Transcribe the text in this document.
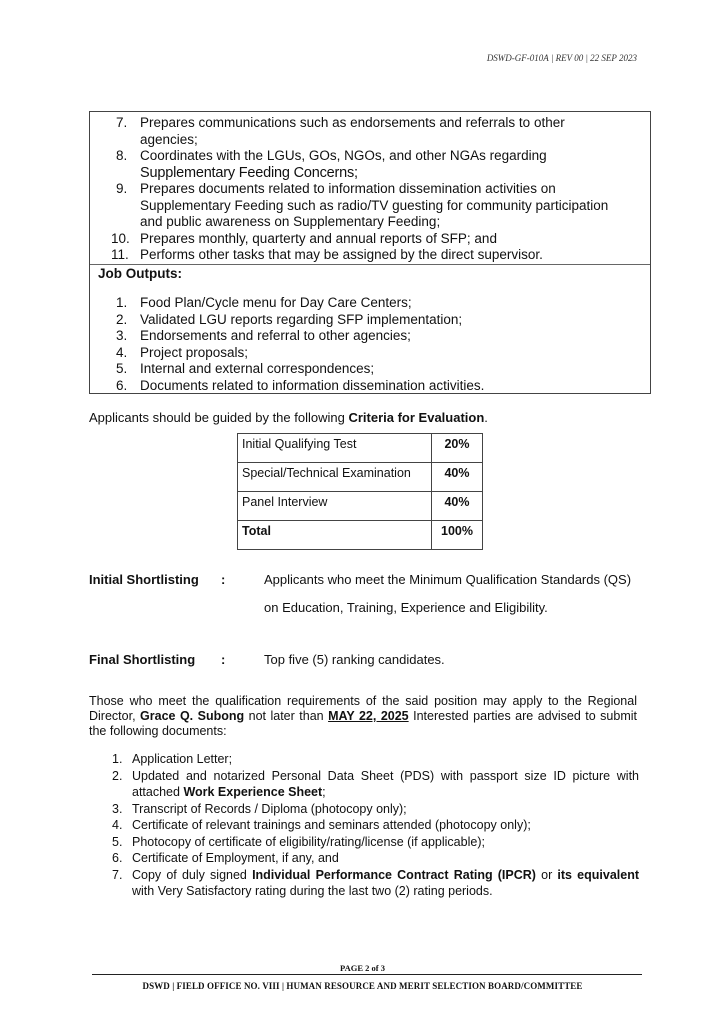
DSWD-GF-010A | REV 00 | 22 SEP 2023
7. Prepares communications such as endorsements and referrals to other agencies;
8. Coordinates with the LGUs, GOs, NGOs, and other NGAs regarding
Supplementary Feeding Concerns;
9. Prepares documents related to information dissemination activities on Supplementary Feeding such as radio/TV guesting for community participation and public awareness on Supplementary Feeding;
10. Prepares monthly, quarterty and annual reports of SFP; and
11. Performs other tasks that may be assigned by the direct supervisor.
Job Outputs:
1. Food Plan/Cycle menu for Day Care Centers;
2. Validated LGU reports regarding SFP implementation;
3. Endorsements and referral to other agencies;
4. Project proposals;
5. Internal and external correspondences;
6. Documents related to information dissemination activities.
Applicants should be guided by the following Criteria for Evaluation.
Initial Qualifying Test	20%
Special/Technical Examination	40%
Panel Interview	40%
Total	100%
Initial Shortlisting :	Applicants who meet the Minimum Qualification Standards (QS) on Education, Training, Experience and Eligibility.
Final Shortlisting :	Top five (5) ranking candidates.
Those who meet the qualification requirements of the said position may apply to the Regional Director, Grace Q. Subong not later than MAY 22, 2025 Interested parties are advised to submit the following documents:
1. Application Letter;
2. Updated and notarized Personal Data Sheet (PDS) with passport size ID picture with attached Work Experience Sheet;
3. Transcript of Records / Diploma (photocopy only);
4. Certificate of relevant trainings and seminars attended (photocopy only);
5. Photocopy of certificate of eligibility/rating/license (if applicable);
6. Certificate of Employment, if any, and
7. Copy of duly signed Individual Performance Contract Rating (IPCR) or its equivalent with Very Satisfactory rating during the last two (2) rating periods.
PAGE 2 of 3
DSWD | FIELD OFFICE NO. VIII | HUMAN RESOURCE AND MERIT SELECTION BOARD/COMMITTEE
